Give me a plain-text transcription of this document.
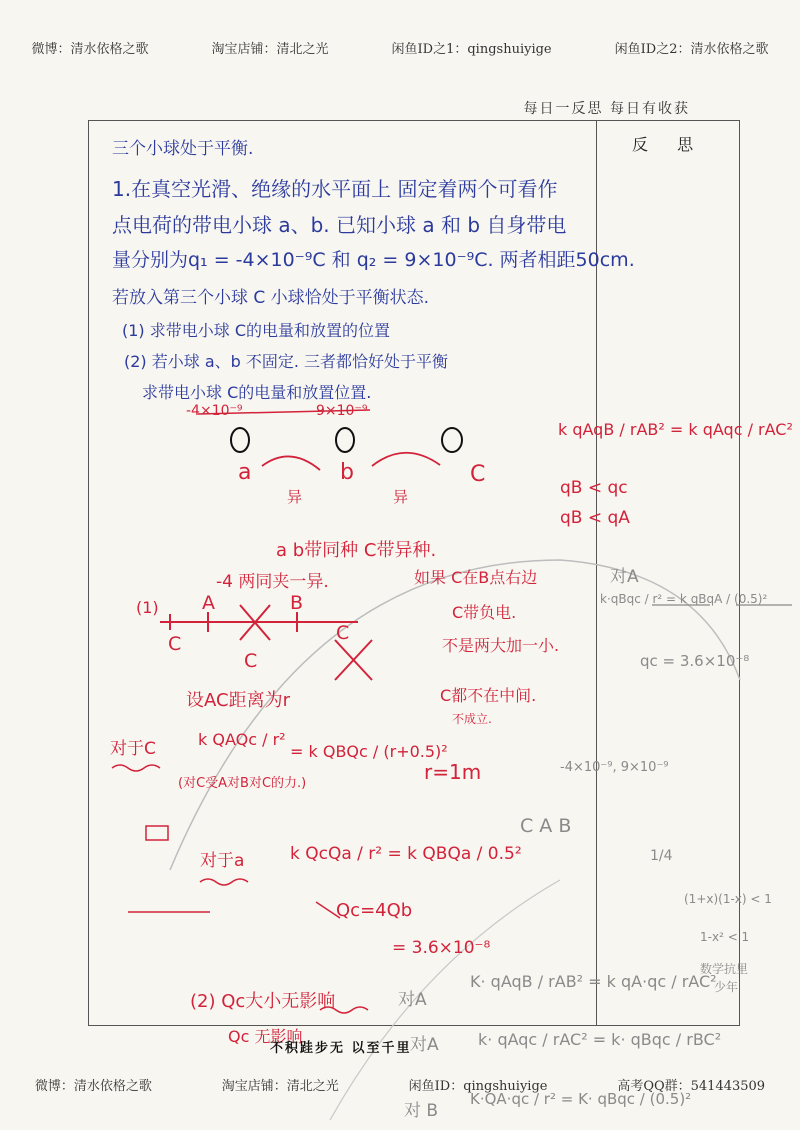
微博：清水依格之歌	淘宝店铺：清北之光	闲鱼ID之1：qingshuiyige	闲鱼ID之2：清水依格之歌
每日一反思 每日有收获
反 思
三个小球处于平衡.
1.在真空光滑、绝缘的水平面上 固定着两个可看作
点电荷的带电小球 a、b. 已知小球 a 和 b 自身带电
量分别为q₁ = -4×10⁻⁹C 和 q₂ = 9×10⁻⁹C. 两者相距50cm.
若放入第三个小球 C 小球恰处于平衡状态.
(1) 求带电小球 C的电量和放置的位置
(2) 若小球 a、b 不固定. 三者都恰好处于平衡
求带电小球 C的电量和放置位置.
-4×10⁻⁹	9×10⁻⁹
a	b	C
异	异
a b带同种 C带异种.
-4 两同夹一异.
(1) A	B
C
C
C
如果 C在B点右边
C带负电.
不是两大加一小.
C都不在中间.
不成立.
设AC距离为r
对于C	k QAQc / r²
= k QBQc / (r+0.5)²
(对C受A对B对C的力.)	r=1m
对于a	k QcQa / r² = k QBQa / 0.5²
Qc=4Qb
= 3.6×10⁻⁸
(2) Qc大小无影响
Qc 无影响
对A
K· qAqB / rAB² = k qA·qc / rAC²
对A k· qAqc / rAC² = k· qBqc / rBC²
对 B
K·QA·qc / r² = K· qBqc / (0.5)²
-4×10⁻⁹, 9×10⁻⁹
C A B
1/4
k qAqB / rAB² = k qAqc / rAC²
qB < qc
qB < qA
对A
k·qBqc / r² = k qBqA / (0.5)²
qc = 3.6×10⁻⁸
(1+x)(1-x) < 1
1-x² < 1
数学抗里
少年
不积跬步无 以至千里
微博：清水依格之歌	淘宝店铺：清北之光	闲鱼ID：qingshuiyige	高考QQ群：541443509
